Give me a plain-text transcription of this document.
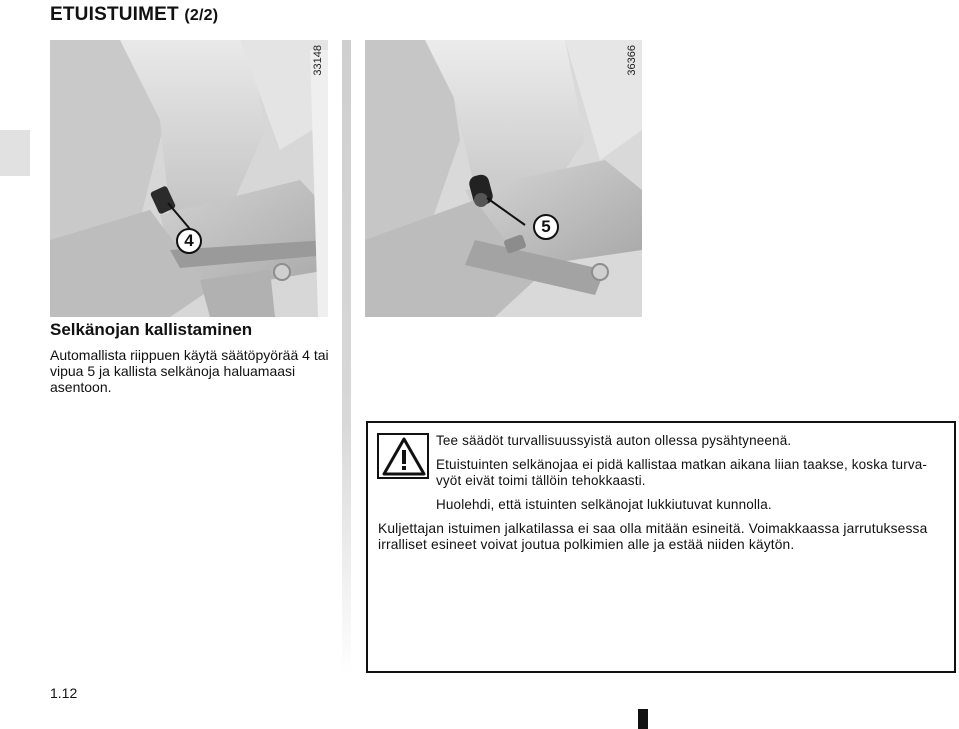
ETUISTUIMET (2/2)
33148
4
36366
5
Selkänojan kallistaminen
Automallista riippuen käytä säätöpyörää 4 tai vipua 5 ja kallista selkänoja haluamaasi asentoon.
Tee säädöt turvallisuussyistä auton ollessa pysähtyneenä.
Etuistuinten selkänojaa ei pidä kallistaa matkan aikana liian taakse, koska turva-
vyöt eivät toimi tällöin tehokkaasti.
Huolehdi, että istuinten selkänojat lukkiutuvat kunnolla.
Kuljettajan istuimen jalkatilassa ei saa olla mitään esineitä. Voimakkaassa jarrutuksessa
irralliset esineet voivat joutua polkimien alle ja estää niiden käytön.
1.12
